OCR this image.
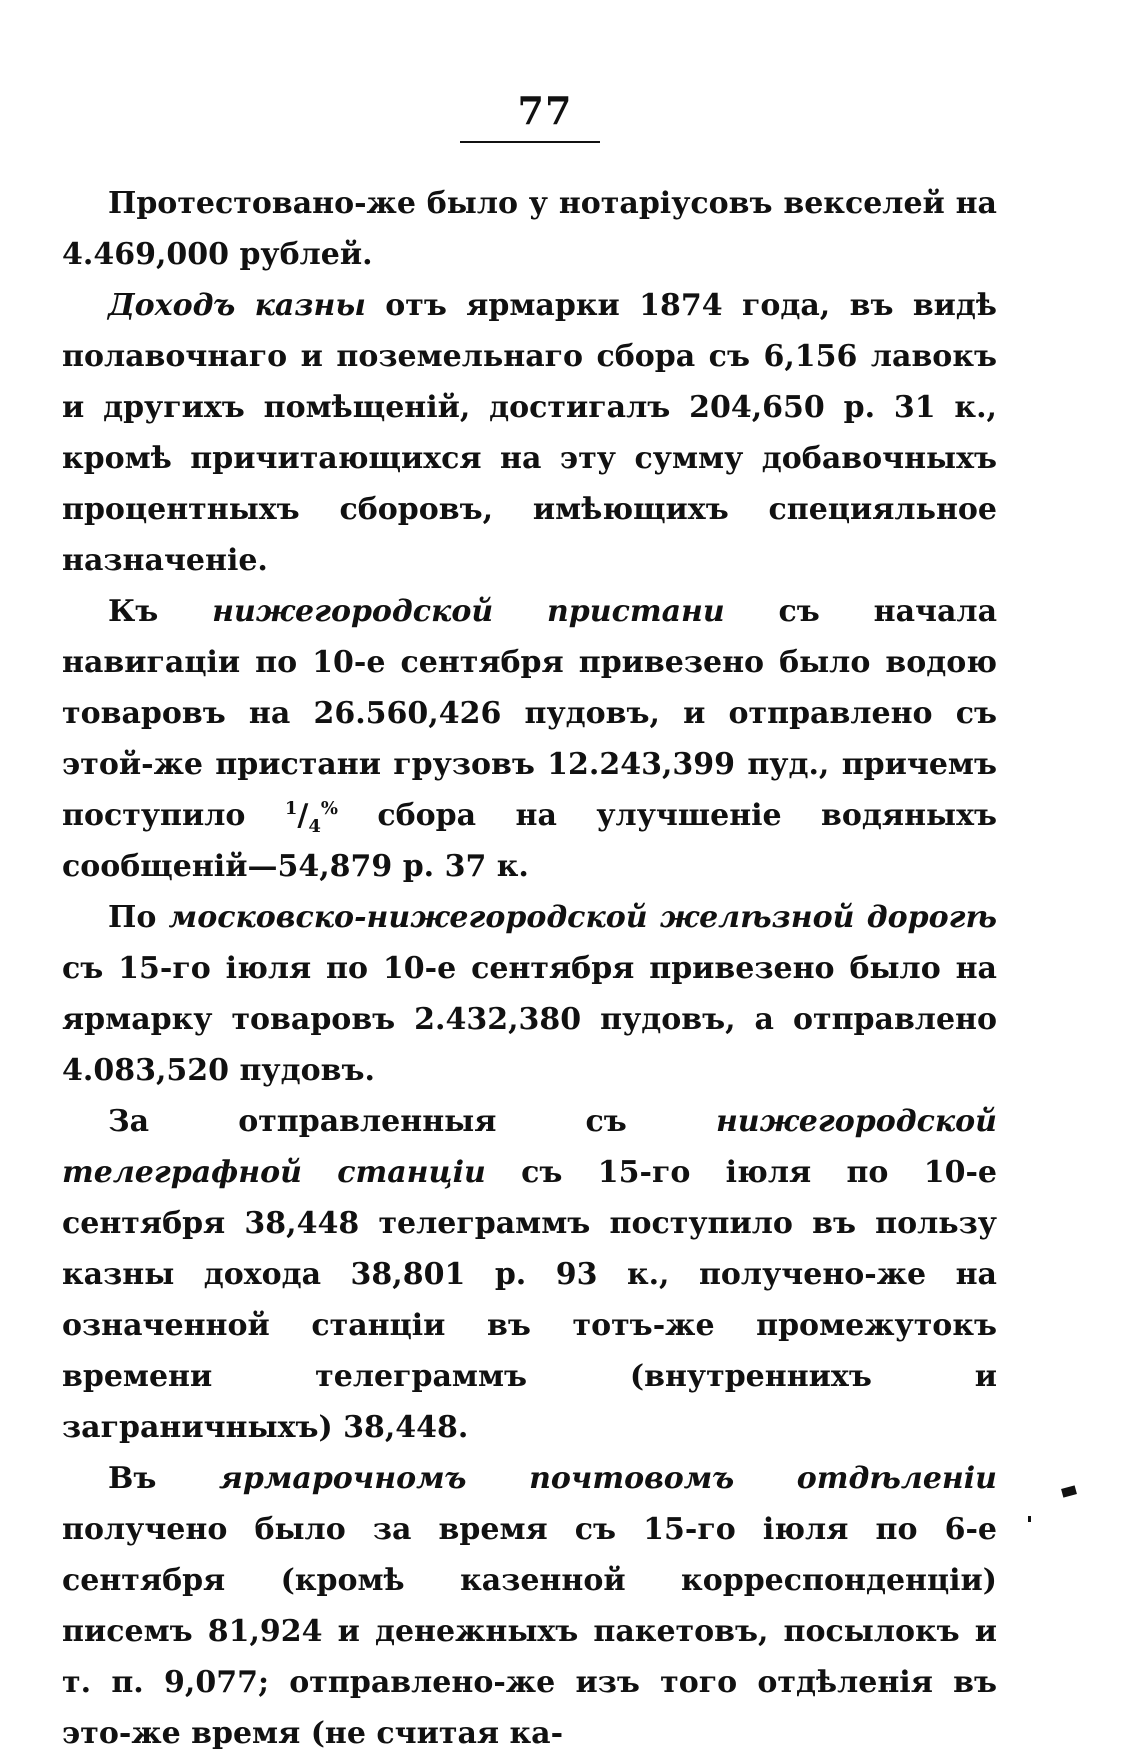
77

Протестовано-же было у нотаріусовъ векселей на 4.469,000 рублей.

Доходъ казны отъ ярмарки 1874 года, въ видѣ полавочнаго и поземельнаго сбора съ 6,156 лавокъ и другихъ помѣщеній, достигалъ 204,650 р. 31 к., кромѣ причитающихся на эту сумму добавочныхъ процентныхъ сборовъ, имѣющихъ специяльное назначеніе.

Къ нижегородской пристани съ начала навигаціи по 10-е сентября привезено было водою товаровъ на 26.560,426 пудовъ, и отправлено съ этой-же пристани грузовъ 12.243,399 пуд., причемъ поступило $^1/_4^{\%}$ сбора на улучшеніе водяныхъ сообщеній—54,879 р. 37 к.

По московско-нижегородской желѣзной дорогѣ съ 15-го іюля по 10-е сентября привезено было на ярмарку товаровъ 2.432,380 пудовъ, а отправлено 4.083,520 пудовъ.

За отправленныя съ нижегородской телеграфной станціи съ 15-го іюля по 10-е сентября 38,448 телеграммъ поступило въ пользу казны дохода 38,801 р. 93 к., получено-же на означенной станціи въ тотъ-же промежутокъ времени телеграммъ (внутреннихъ и заграничныхъ) 38,448.

Въ ярмарочномъ почтовомъ отдѣленіи получено было за время съ 15-го іюля по 6-е сентября (кромѣ казенной корреспонденціи) писемъ 81,924 и денежныхъ пакетовъ, посылокъ и т. п. 9,077; отправлено-же изъ того отдѣленія въ это-же время (не считая ка-
